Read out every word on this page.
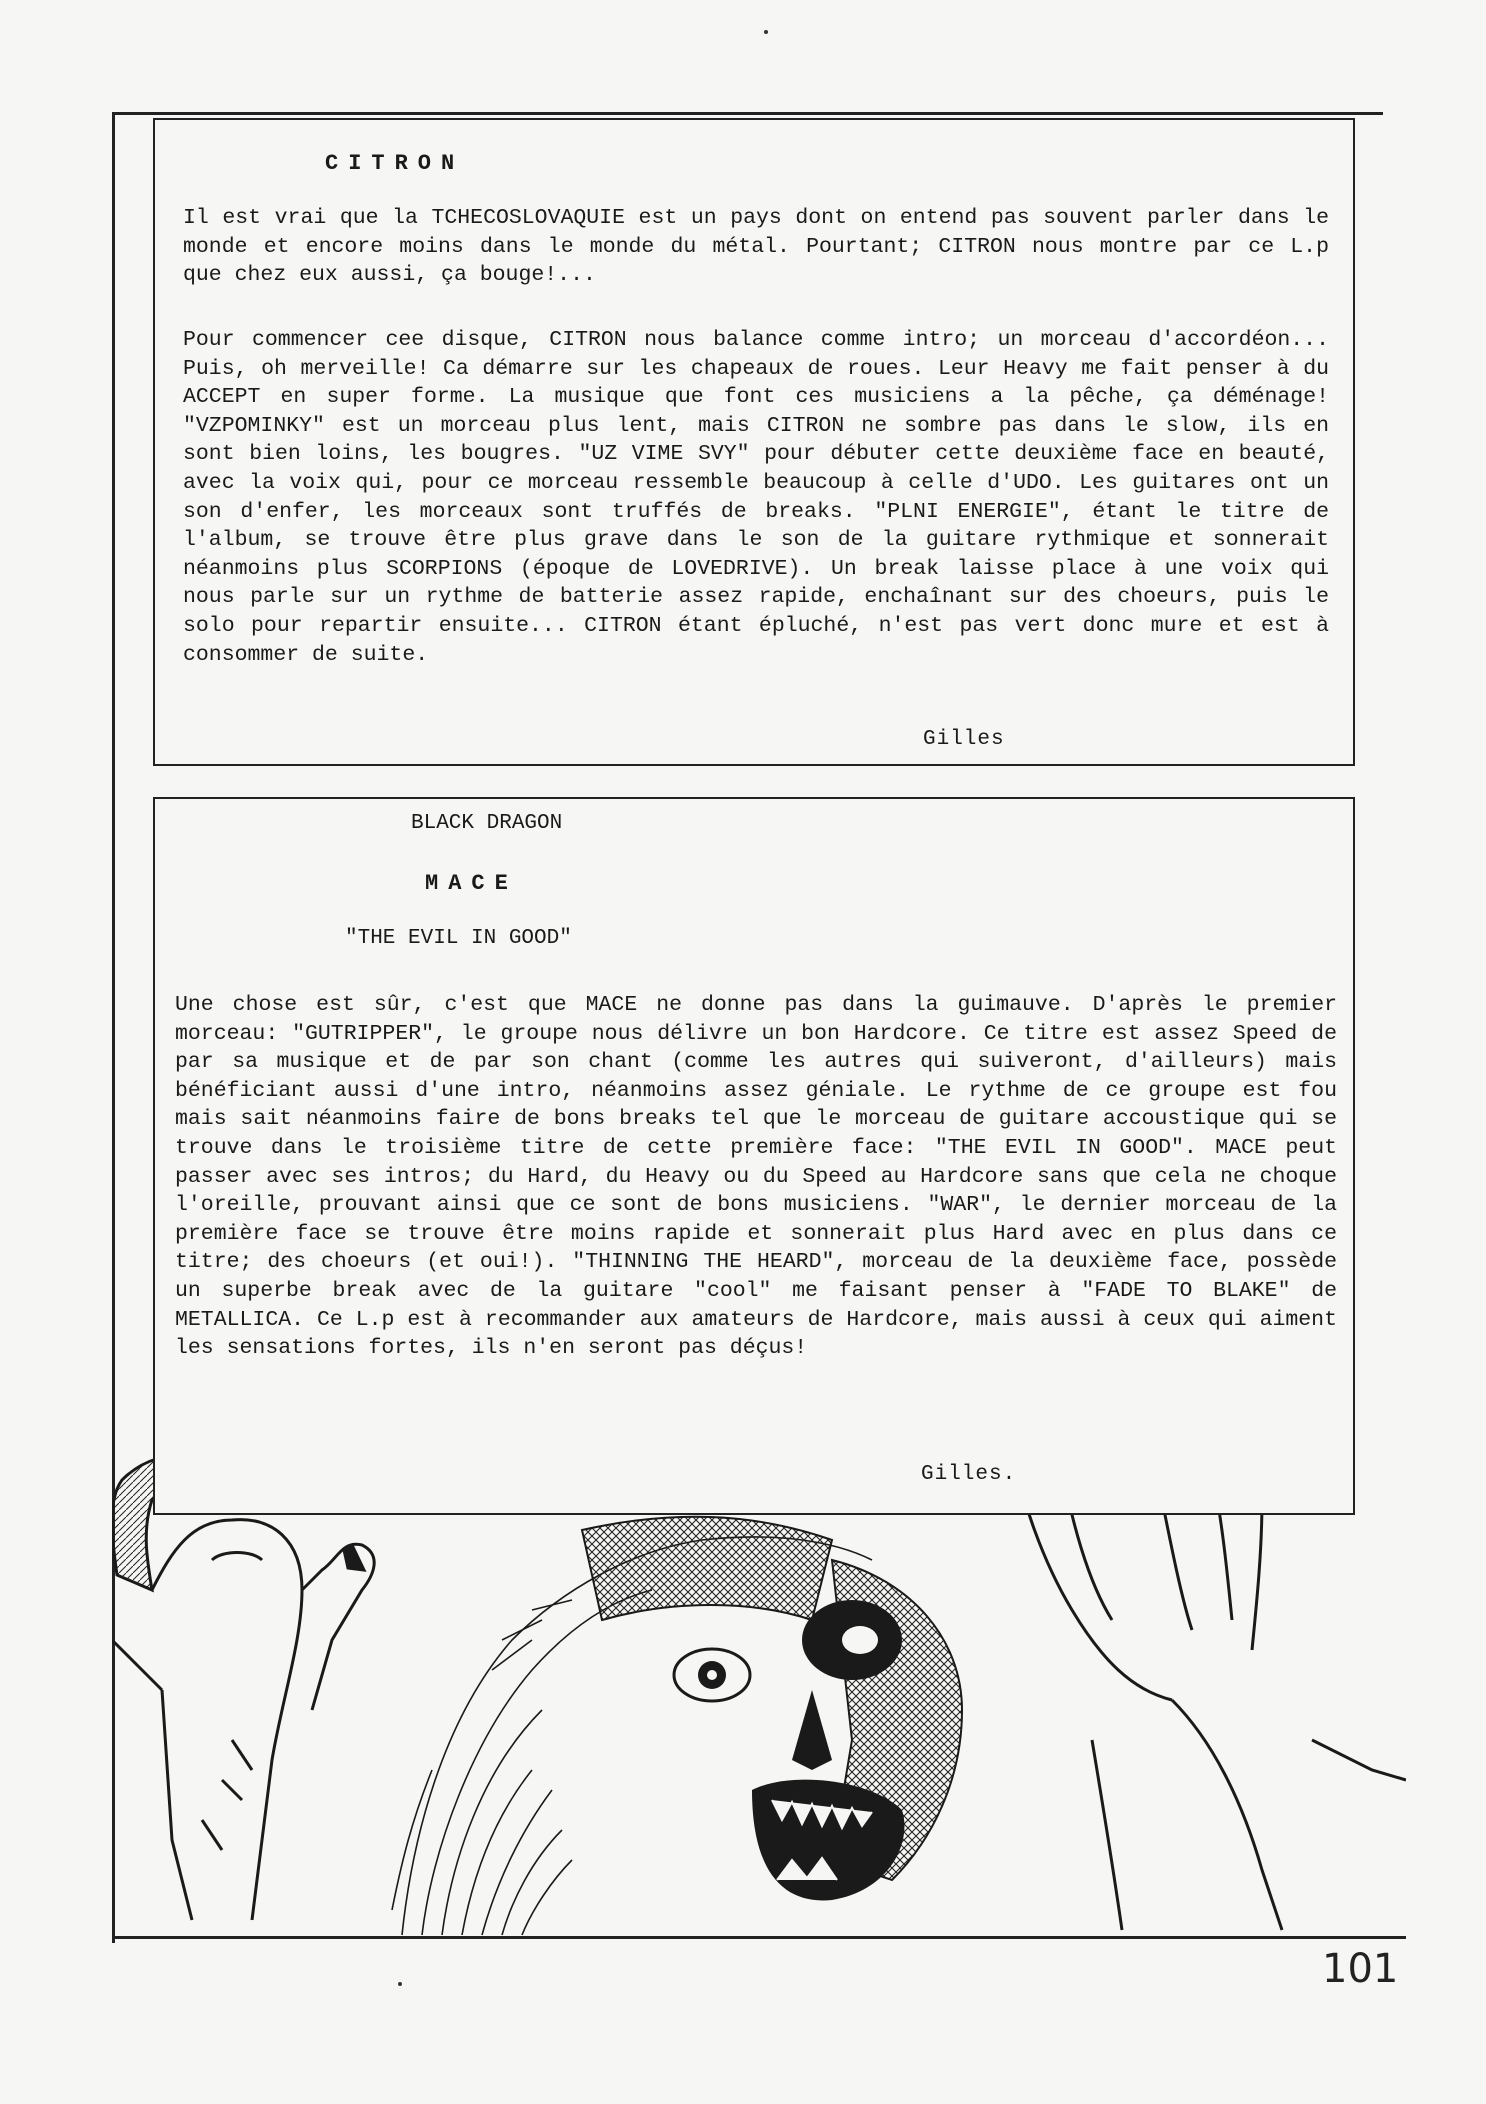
CITRON

Il est vrai que la TCHECOSLOVAQUIE est un pays dont on entend pas souvent parler dans le monde et encore moins dans le monde du métal. Pourtant; CITRON nous montre par ce L.p que chez eux aussi, ça bouge!...

Pour commencer cee disque, CITRON nous balance comme intro; un morceau d'accordéon... Puis, oh merveille! Ca démarre sur les chapeaux de roues. Leur Heavy me fait penser à du ACCEPT en super forme. La musique que font ces musiciens a la pêche, ça déménage! "VZPOMINKY" est un morceau plus lent, mais CITRON ne sombre pas dans le slow, ils en sont bien loins, les bougres. "UZ VIME SVY" pour débuter cette deuxième face en beauté, avec la voix qui, pour ce morceau ressemble beaucoup à celle d'UDO. Les guitares ont un son d'enfer, les morceaux sont truffés de breaks. "PLNI ENERGIE", étant le titre de l'album, se trouve être plus grave dans le son de la guitare rythmique et sonnerait néanmoins plus SCORPIONS (époque de LOVEDRIVE). Un break laisse place à une voix qui nous parle sur un rythme de batterie assez rapide, enchaînant sur des choeurs, puis le solo pour repartir ensuite... CITRON étant épluché, n'est pas vert donc mure et est à consommer de suite.

Gilles
BLACK DRAGON
MACE
"THE EVIL IN GOOD"

Une chose est sûr, c'est que MACE ne donne pas dans la guimauve. D'après le premier morceau: "GUTRIPPER", le groupe nous délivre un bon Hardcore. Ce titre est assez Speed de par sa musique et de par son chant (comme les autres qui suiveront, d'ailleurs) mais bénéficiant aussi d'une intro, néanmoins assez géniale. Le rythme de ce groupe est fou mais sait néanmoins faire de bons breaks tel que le morceau de guitare accoustique qui se trouve dans le troisième titre de cette première face: "THE EVIL IN GOOD". MACE peut passer avec ses intros; du Hard, du Heavy ou du Speed au Hardcore sans que cela ne choque l'oreille, prouvant ainsi que ce sont de bons musiciens. "WAR", le dernier morceau de la première face se trouve être moins rapide et sonnerait plus Hard avec en plus dans ce titre; des choeurs (et oui!). "THINNING THE HEARD", morceau de la deuxième face, possède un superbe break avec de la guitare "cool" me faisant penser à "FADE TO BLAKE" de METALLICA. Ce L.p est à recommander aux amateurs de Hardcore, mais aussi à ceux qui aiment les sensations fortes, ils n'en seront pas déçus!

Gilles.
101
